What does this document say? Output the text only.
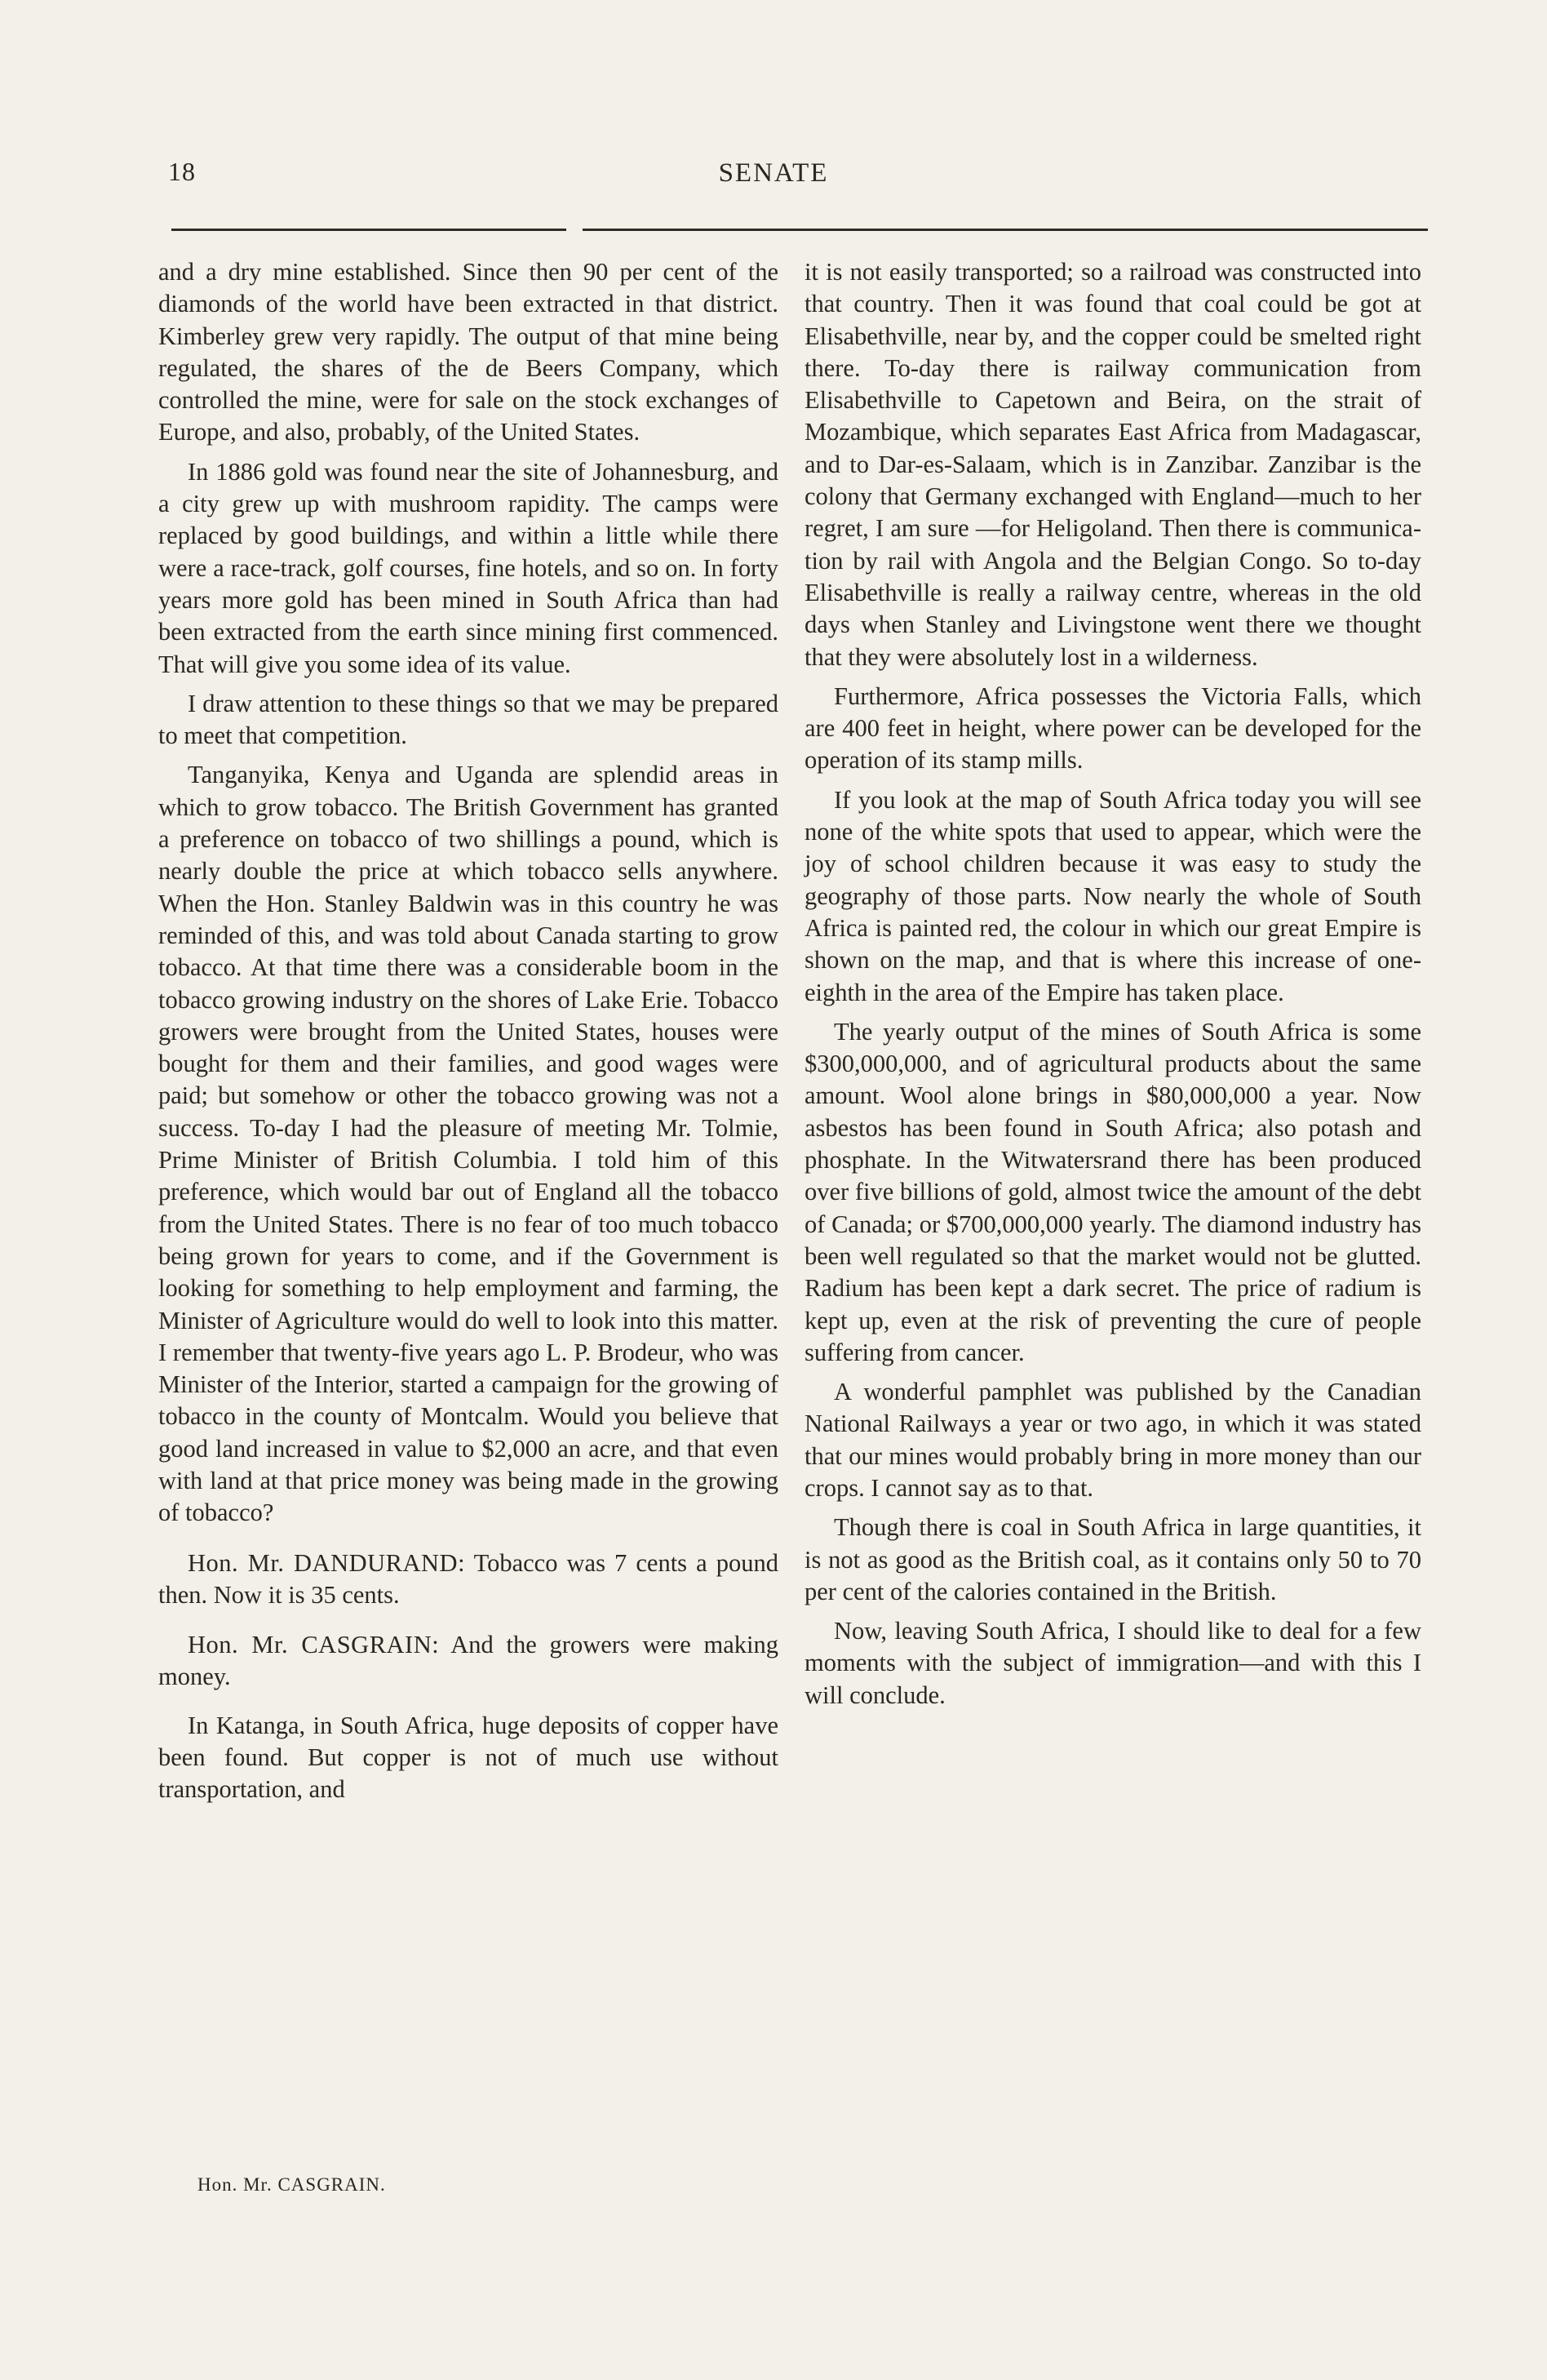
18	SENATE

and a dry mine established. Since then 90 per cent of the diamonds of the world have been extracted in that district. Kimberley grew very rapidly. The output of that mine being regulated, the shares of the de Beers Company, which controlled the mine, were for sale on the stock exchanges of Europe, and also, probably, of the United States.

In 1886 gold was found near the site of Johannesburg, and a city grew up with mushroom rapidity. The camps were replaced by good buildings, and within a little while there were a race-track, golf courses, fine hotels, and so on. In forty years more gold has been mined in South Africa than had been extracted from the earth since mining first commenced. That will give you some idea of its value.

I draw attention to these things so that we may be prepared to meet that competition.

Tanganyika, Kenya and Uganda are splendid areas in which to grow tobacco. The British Government has granted a preference on tobacco of two shillings a pound, which is nearly double the price at which tobacco sells anywhere. When the Hon. Stanley Baldwin was in this country he was reminded of this, and was told about Canada starting to grow tobacco. At that time there was a considerable boom in the tobacco growing industry on the shores of Lake Erie. Tobacco growers were brought from the United States, houses were bought for them and their families, and good wages were paid; but somehow or other the tobacco growing was not a success. To-day I had the pleasure of meeting Mr. Tolmie, Prime Minister of British Columbia. I told him of this preference, which would bar out of England all the tobacco from the United States. There is no fear of too much tobacco being grown for years to come, and if the Government is looking for something to help employment and farming, the Minister of Agriculture would do well to look into this matter. I remember that twenty-five years ago L. P. Brodeur, who was Minister of the Interior, started a campaign for the growing of tobacco in the county of Montcalm. Would you believe that good land increased in value to $2,000 an acre, and that even with land at that price money was being made in the growing of tobacco?

Hon. Mr. DANDURAND: Tobacco was 7 cents a pound then. Now it is 35 cents.

Hon. Mr. CASGRAIN: And the growers were making money.

In Katanga, in South Africa, huge deposits of copper have been found. But copper is not of much use without transportation, and

it is not easily transported; so a railroad was constructed into that country. Then it was found that coal could be got at Elisabethville, near by, and the copper could be smelted right there. To-day there is railway communication from Elisabethville to Capetown and Beira, on the strait of Mozambique, which separates East Africa from Madagascar, and to Dar-es-Salaam, which is in Zanzibar. Zanzibar is the colony that Germany exchanged with England—much to her regret, I am sure —for Heligoland. Then there is communication by rail with Angola and the Belgian Congo. So to-day Elisabethville is really a railway centre, whereas in the old days when Stanley and Livingstone went there we thought that they were absolutely lost in a wilderness.

Furthermore, Africa possesses the Victoria Falls, which are 400 feet in height, where power can be developed for the operation of its stamp mills.

If you look at the map of South Africa today you will see none of the white spots that used to appear, which were the joy of school children because it was easy to study the geography of those parts. Now nearly the whole of South Africa is painted red, the colour in which our great Empire is shown on the map, and that is where this increase of one-eighth in the area of the Empire has taken place.

The yearly output of the mines of South Africa is some $300,000,000, and of agricultural products about the same amount. Wool alone brings in $80,000,000 a year. Now asbestos has been found in South Africa; also potash and phosphate. In the Witwatersrand there has been produced over five billions of gold, almost twice the amount of the debt of Canada; or $700,000,000 yearly. The diamond industry has been well regulated so that the market would not be glutted. Radium has been kept a dark secret. The price of radium is kept up, even at the risk of preventing the cure of people suffering from cancer.

A wonderful pamphlet was published by the Canadian National Railways a year or two ago, in which it was stated that our mines would probably bring in more money than our crops. I cannot say as to that.

Though there is coal in South Africa in large quantities, it is not as good as the British coal, as it contains only 50 to 70 per cent of the calories contained in the British.

Now, leaving South Africa, I should like to deal for a few moments with the subject of immigration—and with this I will conclude.

Hon. Mr. CASGRAIN.
